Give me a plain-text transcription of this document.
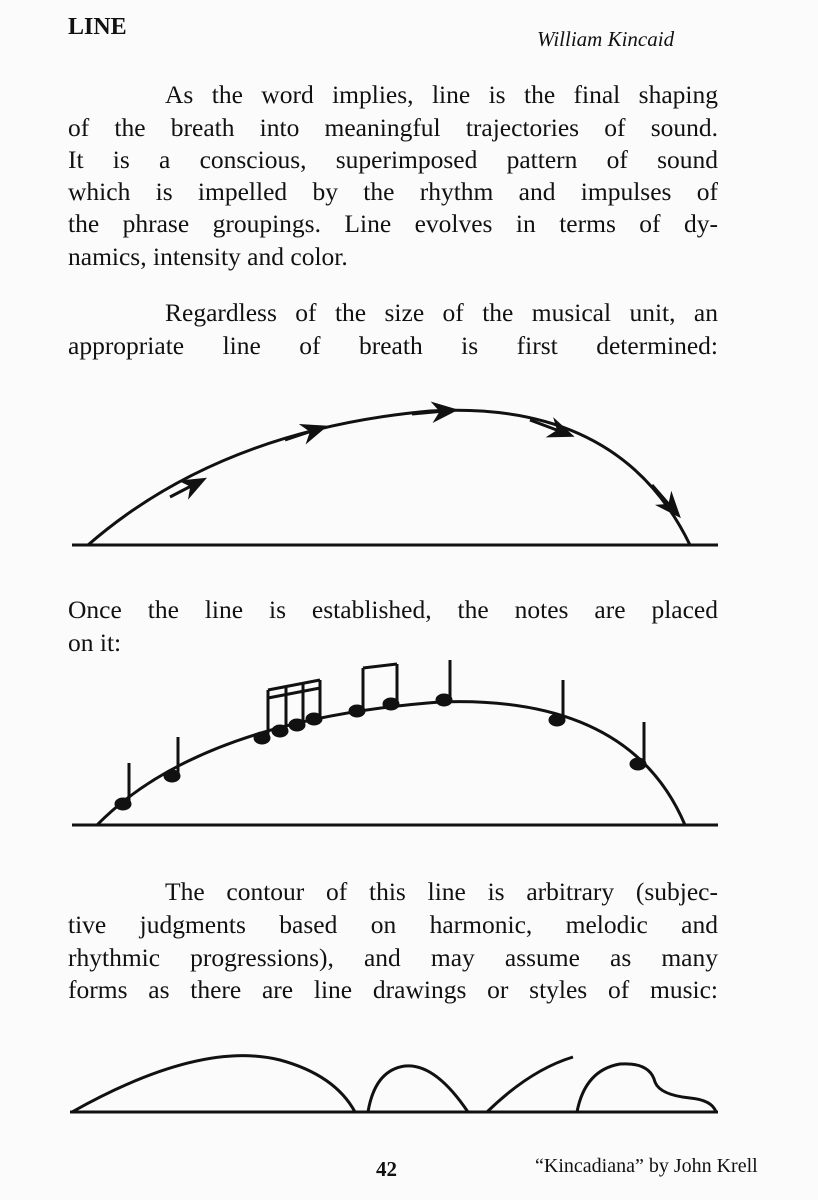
LINE	William Kincaid
As the word implies, line is the final shaping
of the breath into meaningful trajectories of sound.
It is a conscious, superimposed pattern of sound
which is impelled by the rhythm and impulses of
the phrase groupings. Line evolves in terms of dy-
namics, intensity and color.
Regardless of the size of the musical unit, an
appropriate line of breath is first determined:
Once the line is established, the notes are placed
on it:
The contour of this line is arbitrary (subjec-
tive judgments based on harmonic, melodic and
rhythmic progressions), and may assume as many
forms as there are line drawings or styles of music:
42	“Kincadiana” by John Krell
